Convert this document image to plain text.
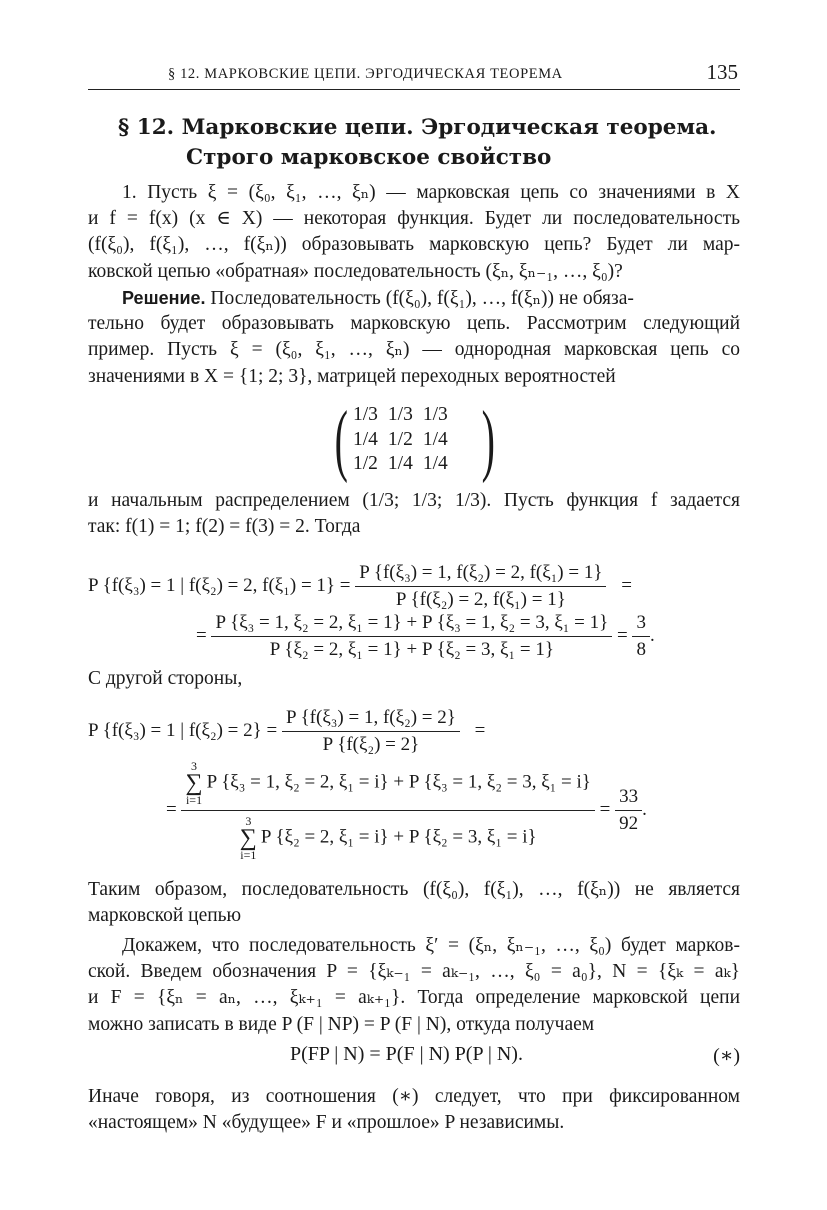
§ 12. МАРКОВСКИЕ ЦЕПИ. ЭРГОДИЧЕСКАЯ ТЕОРЕМА	135
§ 12. Марковские цепи. Эргодическая теорема.
Строго марковское свойство
1. Пусть ξ = (ξ₀, ξ₁, …, ξₙ) — марковская цепь со значениями в X
и f = f(x) (x ∈ X) — некоторая функция. Будет ли последовательность
(f(ξ₀), f(ξ₁), …, f(ξₙ)) образовывать марковскую цепь? Будет ли мар-
ковской цепью «обратная» последовательность (ξₙ, ξₙ₋₁, …, ξ₀)?
Решение. Последовательность (f(ξ₀), f(ξ₁), …, f(ξₙ)) не обяза-
тельно будет образовывать марковскую цепь. Рассмотрим следующий
пример. Пусть ξ = (ξ₀, ξ₁, …, ξₙ) — однородная марковская цепь со
значениями в X = {1; 2; 3}, матрицей переходных вероятностей
( 1/3	1/3	1/3
1/4	1/2	1/4
1/2	1/4	1/4 )
и начальным распределением (1/3; 1/3; 1/3). Пусть функция f задается
так: f(1) = 1; f(2) = f(3) = 2. Тогда
P {f(ξ₃) = 1 | f(ξ₂) = 2, $f(\xi_1) = 1\} = \frac{\text{P \{f(ξ₃) = 1, f(ξ₂) = 2, f(ξ₁) = 1\}}}{\text{P \{f(ξ₂) = 2, f(ξ₁) = 1\}}}$ =
= $\frac{\text{P \{ξ₃ = 1, ξ₂ = 2, ξ₁ = 1\} + P \{ξ₃ = 1, ξ₂ = 3, ξ₁ = 1\}}}{\text{P \{ξ₂ = 2, ξ₁ = 1\} + P \{ξ₂ = 3, ξ₁ = 1\}}} = \frac{3}{8}$ .
С другой стороны,
P {f(ξ₃) = 1 | $f(\xi_2) = 2\} = \frac{\text{P \{f(ξ₃) = 1, f(ξ₂) = 2\}}}{\text{P \{f(ξ₂) = 2\}}}$ =
= 3
∑
i=1P {ξ₃ = 1, ξ₂ = 2, ξ₁ = i} + P {ξ₃ = 1, ξ₂ = 3, ξ₁ = i}
3
∑
i=1P {ξ₂ = 2, ξ₁ = i} + P {ξ₂ = 3, $\xi_1 = i\} = \frac{33}{92}$ .
Таким образом, последовательность (f(ξ₀), f(ξ₁), …, f(ξₙ)) не является
марковской цепью
Докажем, что последовательность ξ′ = (ξₙ, ξₙ₋₁, …, ξ₀) будет марков-
ской. Введем обозначения P = {ξₖ₋₁ = aₖ₋₁, …, ξ₀ = a₀}, N = {ξₖ = aₖ}
и F = {ξₙ = aₙ, …, ξₖ₊₁ = aₖ₊₁}. Тогда определение марковской цепи
можно записать в виде P (F | NP) = P (F | N), откуда получаем
P(FP | N) = P(F | N) P(P | N).	(∗)
Иначе говоря, из соотношения (∗) следует, что при фиксированном
«настоящем» N «будущее» F и «прошлое» P независимы.
